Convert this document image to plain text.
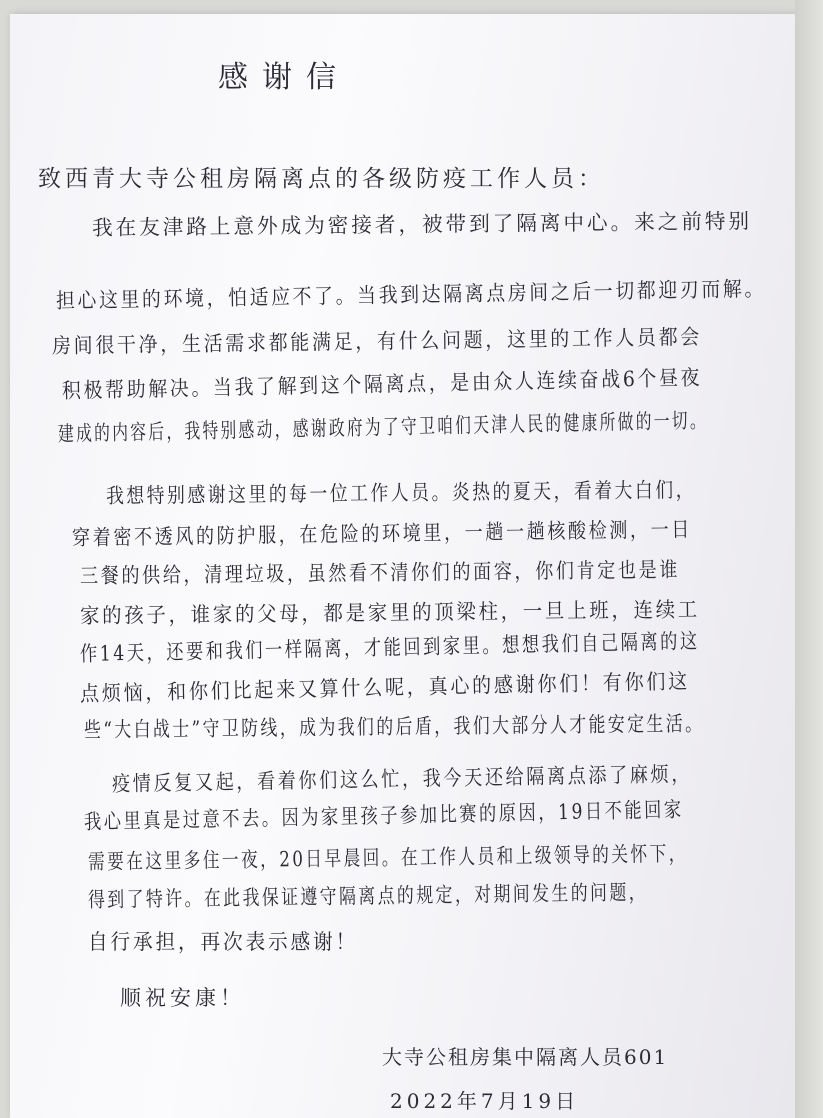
感谢信
致西青大寺公租房隔离点的各级防疫工作人员：
我在友津路上意外成为密接者，被带到了隔离中心。来之前特别
担心这里的环境，怕适应不了。当我到达隔离点房间之后一切都迎刃而解。
房间很干净，生活需求都能满足，有什么问题，这里的工作人员都会
积极帮助解决。当我了解到这个隔离点，是由众人连续奋战6个昼夜
建成的内容后，我特别感动，感谢政府为了守卫咱们天津人民的健康所做的一切。
我想特别感谢这里的每一位工作人员。炎热的夏天，看着大白们，
穿着密不透风的防护服，在危险的环境里，一趟一趟核酸检测，一日
三餐的供给，清理垃圾，虽然看不清你们的面容，你们肯定也是谁
家的孩子，谁家的父母，都是家里的顶梁柱，一旦上班，连续工
作14天，还要和我们一样隔离，才能回到家里。想想我们自己隔离的这
点烦恼，和你们比起来又算什么呢，真心的感谢你们！有你们这
些“大白战士”守卫防线，成为我们的后盾，我们大部分人才能安定生活。
疫情反复又起，看着你们这么忙，我今天还给隔离点添了麻烦，
我心里真是过意不去。因为家里孩子参加比赛的原因，19日不能回家
需要在这里多住一夜，20日早晨回。在工作人员和上级领导的关怀下，
得到了特许。在此我保证遵守隔离点的规定，对期间发生的问题，
自行承担，再次表示感谢！
顺祝安康！
大寺公租房集中隔离人员601
2022年7月19日
